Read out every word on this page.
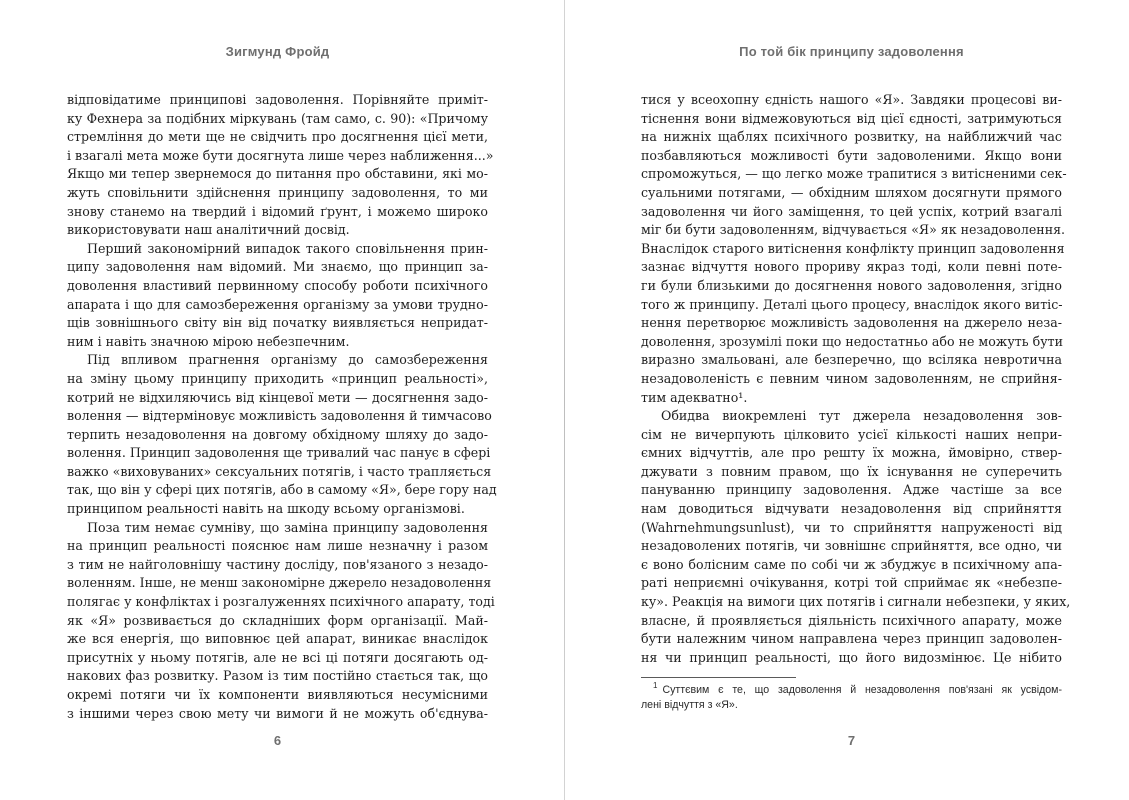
Зигмунд Фройд
відповідатиме принципові задоволення. Порівняйте приміт-
ку Фехнера за подібних міркувань (там само, с. 90): «Причому
стремління до мети ще не свідчить про досягнення цієї мети,
і взагалі мета може бути досягнута лише через наближення...»
Якщо ми тепер звернемося до питання про обставини, які мо-
жуть сповільнити здійснення принципу задоволення, то ми
знову станемо на твердий і відомий ґрунт, і можемо широко
використовувати наш аналітичний досвід.
Перший закономірний випадок такого сповільнення прин-
ципу задоволення нам відомий. Ми знаємо, що принцип за-
доволення властивий первинному способу роботи психічного
апарата і що для самозбереження організму за умови трудно-
щів зовнішнього світу він від початку виявляється непридат-
ним і навіть значною мірою небезпечним.
Під впливом прагнення організму до самозбереження
на зміну цьому принципу приходить «принцип реальності»,
котрий не відхиляючись від кінцевої мети — досягнення задо-
волення — відтерміновує можливість задоволення й тимчасово
терпить незадоволення на довгому обхідному шляху до задо-
волення. Принцип задоволення ще тривалий час панує в сфері
важко «виховуваних» сексуальних потягів, і часто трапляється
так, що він у сфері цих потягів, або в самому «Я», бере гору над
принципом реальності навіть на шкоду всьому організмові.
Поза тим немає сумніву, що заміна принципу задоволення
на принцип реальності пояснює нам лише незначну і разом
з тим не найголовнішу частину досліду, пов'язаного з незадо-
воленням. Інше, не менш закономірне джерело незадоволення
полягає у конфліктах і розгалуженнях психічного апарату, тоді
як «Я» розвивається до складніших форм організації. Май-
же вся енергія, що виповнює цей апарат, виникає внаслідок
присутніх у ньому потягів, але не всі ці потяги досягають од-
накових фаз розвитку. Разом із тим постійно стається так, що
окремі потяги чи їх компоненти виявляються несумісними
з іншими через свою мету чи вимоги й не можуть об'єднува-
6
По той бік принципу задоволення
тися у всеохопну єдність нашого «Я». Завдяки процесові ви-
тіснення вони відмежовуються від цієї єдності, затримуються
на нижніх щаблях психічного розвитку, на найближчий час
позбавляються можливості бути задоволеними. Якщо вони
спроможуться, — що легко може трапитися з витісненими сек-
суальними потягами, — обхідним шляхом досягнути прямого
задоволення чи його заміщення, то цей успіх, котрий взагалі
міг би бути задоволенням, відчувається «Я» як незадоволення.
Внаслідок старого витіснення конфлікту принцип задоволення
зазнає відчуття нового прориву якраз тоді, коли певні поте-
ги були близькими до досягнення нового задоволення, згідно
того ж принципу. Деталі цього процесу, внаслідок якого витіс-
нення перетворює можливість задоволення на джерело неза-
доволення, зрозумілі поки що недостатньо або не можуть бути
виразно змальовані, але безперечно, що всіляка невротична
незадоволеність є певним чином задоволенням, не сприйня-
тим адекватно¹.
Обидва виокремлені тут джерела незадоволення зов-
сім не вичерпують цілковито усієї кількості наших непри-
ємних відчуттів, але про решту їх можна, ймовірно, ствер-
джувати з повним правом, що їх існування не суперечить
пануванню принципу задоволення. Адже частіше за все
нам доводиться відчувати незадоволення від сприйняття
(Wahrnehmungsunlust), чи то сприйняття напруженості від
незадоволених потягів, чи зовнішнє сприйняття, все одно, чи
є воно болісним саме по собі чи ж збуджує в психічному апа-
раті неприємні очікування, котрі той сприймає як «небезпе-
ку». Реакція на вимоги цих потягів і сигнали небезпеки, у яких,
власне, й проявляється діяльність психічного апарату, може
бути належним чином направлена через принцип задоволен-
ня чи принцип реальності, що його видозмінює. Це нібито
$^1$ Суттєвим є те, що задоволення й незадоволення пов'язані як усвідом-
лені відчуття з «Я».
7
